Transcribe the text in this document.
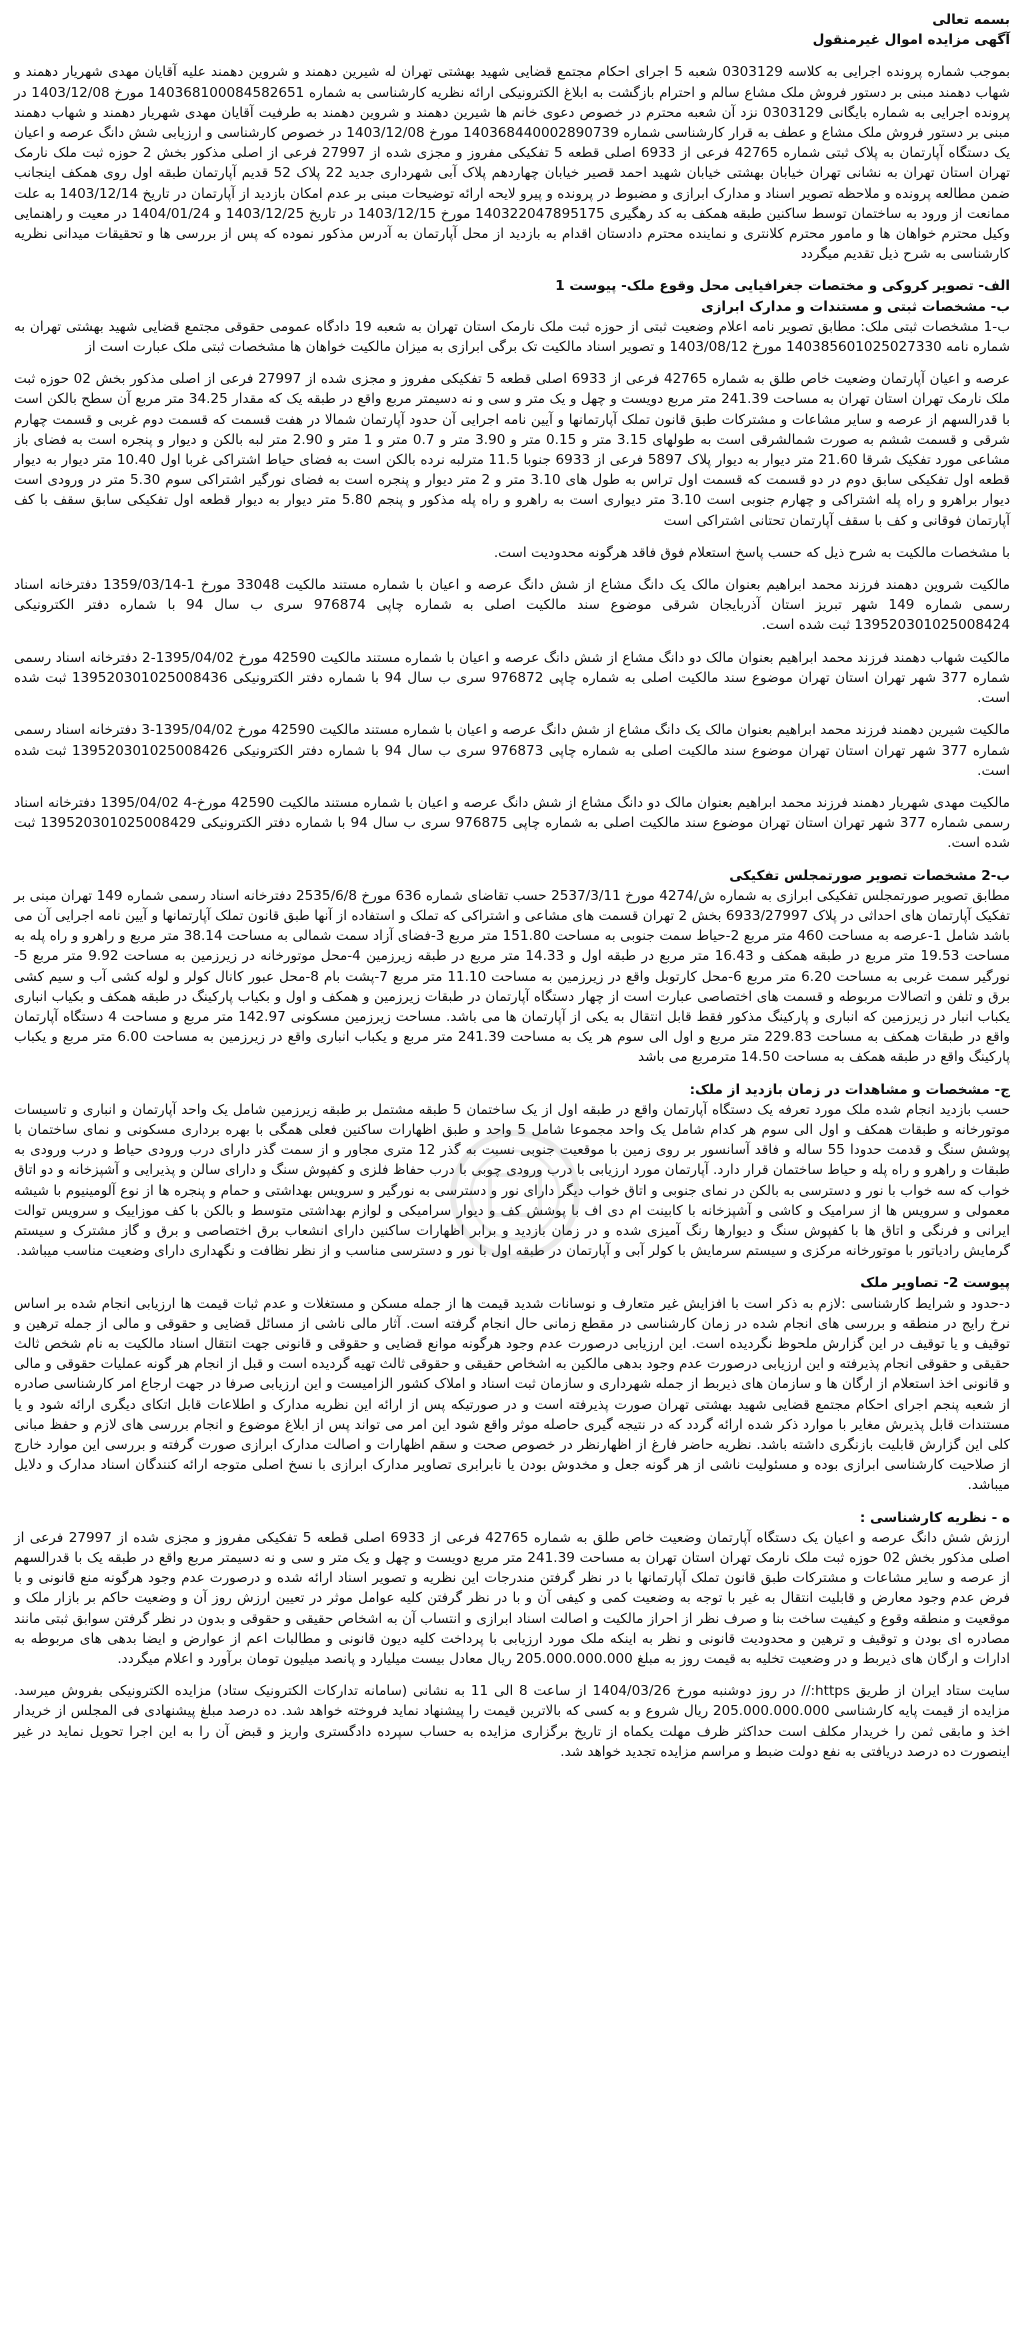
بسمه تعالی

آگهی مزایده اموال غیرمنقول

بموجب شماره پرونده اجرایی به کلاسه 0303129 شعبه 5 اجرای احکام مجتمع قضایی شهید بهشتی تهران له شیرین دهمند و شروین دهمند علیه آقایان مهدی شهریار دهمند و شهاب دهمند مبنی بر دستور فروش ملک مشاع سالم و احترام بازگشت به ابلاغ الکترونیکی ارائه نظریه کارشناسی به شماره 140368100084582651 مورخ 1403/12/08 در پرونده اجرایی به شماره بایگانی 0303129 نزد آن شعبه محترم در خصوص دعوی خانم ها شیرین دهمند و شروین دهمند به طرفیت آقایان مهدی شهریار دهمند و شهاب دهمند مبنی بر دستور فروش ملک مشاع و عطف به قرار کارشناسی شماره 140368440002890739 مورخ 1403/12/08 در خصوص کارشناسی و ارزیابی شش دانگ عرصه و اعیان یک دستگاه آپارتمان به پلاک ثبتی شماره 42765 فرعی از 6933 اصلی قطعه 5 تفکیکی مفروز و مجزی شده از 27997 فرعی از اصلی مذکور بخش 2 حوزه ثبت ملک نارمک تهران استان تهران به نشانی تهران خیابان بهشتی خیابان شهید احمد قصیر خیابان چهاردهم پلاک آبی شهرداری جدید 22 پلاک 52 قدیم آپارتمان طبقه اول روی همکف اینجانب ضمن مطالعه پرونده و ملاحظه تصویر اسناد و مدارک ابرازی و مضبوط در پرونده و پیرو لایحه ارائه توضیحات مبنی بر عدم امکان بازدید از آپارتمان در تاریخ 1403/12/14 به علت ممانعت از ورود به ساختمان توسط ساکنین طبقه همکف به کد رهگیری 140322047895175 مورخ 1403/12/15 در تاریخ 1403/12/25 و 1404/01/24 در معیت و راهنمایی وکیل محترم خواهان ها و مامور محترم کلانتری و نماینده محترم دادستان اقدام به بازدید از محل آپارتمان به آدرس مذکور نموده که پس از بررسی ها و تحقیقات میدانی نظریه کارشناسی به شرح ذیل تقدیم میگردد

الف- تصویر کروکی و مختصات جغرافیایی محل وقوع ملک- پیوست 1

ب- مشخصات ثبتی و مستندات و مدارک ابرازی

ب-1 مشخصات ثبتی ملک: مطابق تصویر نامه اعلام وضعیت ثبتی از حوزه ثبت ملک نارمک استان تهران به شعبه 19 دادگاه عمومی حقوقی مجتمع قضایی شهید بهشتی تهران به شماره نامه 140385601025027330 مورخ 1403/08/12 و تصویر اسناد مالکیت تک برگی ابرازی به میزان مالکیت خواهان ها مشخصات ثبتی ملک عبارت است از

عرصه و اعیان آپارتمان وضعیت خاص طلق به شماره 42765 فرعی از 6933 اصلی قطعه 5 تفکیکی مفروز و مجزی شده از 27997 فرعی از اصلی مذکور بخش 02 حوزه ثبت ملک نارمک تهران استان تهران به مساحت 241.39 متر مربع دویست و چهل و یک متر و سی و نه دسیمتر مربع واقع در طبقه یک که مقدار 34.25 متر مربع آن سطح بالکن است با قدرالسهم از عرصه و سایر مشاعات و مشترکات طبق قانون تملک آپارتمانها و آیین نامه اجرایی آن حدود آپارتمان شمالا در هفت قسمت که قسمت دوم غربی و قسمت چهارم شرقی و قسمت ششم به صورت شمالشرقی است به طولهای 3.15 متر و 0.15 متر و 3.90 متر و 0.7 متر و 1 متر و 2.90 متر لبه بالکن و دیوار و پنجره است به فضای باز مشاعی مورد تفکیک شرقا 21.60 متر دیوار به دیوار پلاک 5897 فرعی از 6933 جنوبا 11.5 مترلبه نرده بالکن است به فضای حیاط اشتراکی غربا اول 10.40 متر دیوار به دیوار قطعه اول تفکیکی سابق دوم در دو قسمت که قسمت اول تراس به طول های 3.10 متر و 2 متر دیوار و پنجره است به فضای نورگیر اشتراکی سوم 5.30 متر در ورودی است دیوار براهرو و راه پله اشتراکی و چهارم جنوبی است 3.10 متر دیواری است به راهرو و راه پله مذکور و پنجم 5.80 متر دیوار به دیوار قطعه اول تفکیکی سابق سقف با کف آپارتمان فوقانی و کف با سقف آپارتمان تحتانی اشتراکی است

با مشخصات مالکیت به شرح ذیل که حسب پاسخ استعلام فوق فاقد هرگونه محدودیت است.

مالکیت شروین دهمند فرزند محمد ابراهیم بعنوان مالک یک دانگ مشاع از شش دانگ عرصه و اعیان با شماره مستند مالکیت 33048 مورخ 1-1359/03/14 دفترخانه اسناد رسمی شماره 149 شهر تبریز استان آذربایجان شرقی موضوع سند مالکیت اصلی به شماره چاپی 976874 سری ب سال 94 با شماره دفتر الکترونیکی 139520301025008424 ثبت شده است.

مالکیت شهاب دهمند فرزند محمد ابراهیم بعنوان مالک دو دانگ مشاع از شش دانگ عرصه و اعیان با شماره مستند مالکیت 42590 مورخ 1395/04/02-2 دفترخانه اسناد رسمی شماره 377 شهر تهران استان تهران موضوع سند مالکیت اصلی به شماره چاپی 976872 سری ب سال 94 با شماره دفتر الکترونیکی 139520301025008436 ثبت شده است.

مالکیت شیرین دهمند فرزند محمد ابراهیم بعنوان مالک یک دانگ مشاع از شش دانگ عرصه و اعیان با شماره مستند مالکیت 42590 مورخ 1395/04/02-3 دفترخانه اسناد رسمی شماره 377 شهر تهران استان تهران موضوع سند مالکیت اصلی به شماره چاپی 976873 سری ب سال 94 با شماره دفتر الکترونیکی 139520301025008426 ثبت شده است.

مالکیت مهدی شهریار دهمند فرزند محمد ابراهیم بعنوان مالک دو دانگ مشاع از شش دانگ عرصه و اعیان با شماره مستند مالکیت 42590 مورخ-4 1395/04/02 دفترخانه اسناد رسمی شماره 377 شهر تهران استان تهران موضوع سند مالکیت اصلی به شماره چاپی 976875 سری ب سال 94 با شماره دفتر الکترونیکی 139520301025008429 ثبت شده است.

ب-2 مشخصات تصویر صورتمجلس تفکیکی

مطابق تصویر صورتمجلس تفکیکی ابرازی به شماره ش/4274 مورخ 2537/3/11 حسب تقاضای شماره 636 مورخ 2535/6/8 دفترخانه اسناد رسمی شماره 149 تهران مبنی بر تفکیک آپارتمان های احداثی در پلاک 6933/27997 بخش 2 تهران قسمت های مشاعی و اشتراکی که تملک و استفاده از آنها طبق قانون تملک آپارتمانها و آیین نامه اجرایی آن می باشد شامل 1-عرصه به مساحت 460 متر مربع 2-حیاط سمت جنوبی به مساحت 151.80 متر مربع 3-فضای آزاد سمت شمالی به مساحت 38.14 متر مربع و راهرو و راه پله به مساحت 19.53 متر مربع در طبقه همکف و 16.43 متر مربع در طبقه اول و 14.33 متر مربع در طبقه زیرزمین 4-محل موتورخانه در زیرزمین به مساحت 9.92 متر مربع 5-نورگیر سمت غربی به مساحت 6.20 متر مربع 6-محل کارتوبل واقع در زیرزمین به مساحت 11.10 متر مربع 7-پشت بام 8-محل عبور کانال کولر و لوله کشی آب و سیم کشی برق و تلفن و اتصالات مربوطه و قسمت های اختصاصی عبارت است از چهار دستگاه آپارتمان در طبقات زیرزمین و همکف و اول و بکیاب پارکینگ در طبقه همکف و بکیاب انباری یکباب انبار در زیرزمین که انباری و پارکینگ مذکور فقط قابل انتقال به یکی از آپارتمان ها می باشد. مساحت زیرزمین مسکونی 142.97 متر مربع و مساحت 4 دستگاه آپارتمان واقع در طبقات همکف به مساحت 229.83 متر مربع و اول الی سوم هر یک به مساحت 241.39 متر مربع و یکباب انباری واقع در زیرزمین به مساحت 6.00 متر مربع و یکباب پارکینگ واقع در طبقه همکف به مساحت 14.50 مترمربع می باشد

ج- مشخصات و مشاهدات در زمان بازدید از ملک:

حسب بازدید انجام شده ملک مورد تعرفه یک دستگاه آپارتمان واقع در طبقه اول از یک ساختمان 5 طبقه مشتمل بر طبقه زیرزمین شامل یک واحد آپارتمان و انباری و تاسیسات موتورخانه و طبقات همکف و اول الی سوم هر کدام شامل یک واحد مجموعا شامل 5 واحد و طبق اظهارات ساکنین فعلی همگی با بهره برداری مسکونی و نمای ساختمان با پوشش سنگ و قدمت حدودا 55 ساله و فاقد آسانسور بر روی زمین با موقعیت جنوبی نسبت به گذر 12 متری مجاور و از سمت گذر دارای درب ورودی حیاط و درب ورودی به طبقات و راهرو و راه پله و حیاط ساختمان قرار دارد. آپارتمان مورد ارزیابی با درب ورودی چوبی با درب حفاظ فلزی و کفپوش سنگ و دارای سالن و پذیرایی و آشپزخانه و دو اتاق خواب که سه خواب با نور و دسترسی به بالکن در نمای جنوبی و اتاق خواب دیگر دارای نور و دسترسی به نورگیر و سرویس بهداشتی و حمام و پنجره ها از نوع آلومینیوم با شیشه معمولی و سرویس ها از سرامیک و کاشی و آشپزخانه با کابینت ام دی اف با پوشش کف و دیوار سرامیکی و لوازم بهداشتی متوسط و بالکن با کف موزاییک و سرویس توالت ایرانی و فرنگی و اتاق ها با کفپوش سنگ و دیوارها رنگ آمیزی شده و در زمان بازدید و برابر اظهارات ساکنین دارای انشعاب برق اختصاصی و برق و گاز مشترک و سیستم گرمایش رادیاتور با موتورخانه مرکزی و سیستم سرمایش با کولر آبی و آپارتمان در طبقه اول با نور و دسترسی مناسب و از نظر نظافت و نگهداری دارای وضعیت مناسب میباشد.

پیوست 2- تصاویر ملک

د-حدود و شرایط کارشناسی :لازم به ذکر است با افزایش غیر متعارف و نوسانات شدید قیمت ها از جمله مسکن و مستغلات و عدم ثبات قیمت ها ارزیابی انجام شده بر اساس نرخ رایج در منطقه و بررسی های انجام شده در زمان کارشناسی در مقطع زمانی حال انجام گرفته است. آثار مالی ناشی از مسائل قضایی و حقوقی و مالی از جمله ترهین و توقیف و یا توقیف در این گزارش ملحوظ نگردیده است. این ارزیابی درصورت عدم وجود هرگونه موانع قضایی و حقوقی و قانونی جهت انتقال اسناد مالکیت به نام شخص ثالث حقیقی و حقوقی انجام پذیرفته و این ارزیابی درصورت عدم وجود بدهی مالکین به اشخاص حقیقی و حقوقی ثالث تهیه گردیده است و قبل از انجام هر گونه عملیات حقوقی و مالی و قانونی اخذ استعلام از ارگان ها و سازمان های ذیربط از جمله شهرداری و سازمان ثبت اسناد و املاک کشور الزامیست و این ارزیابی صرفا در جهت ارجاع امر کارشناسی صادره از شعبه پنجم اجرای احکام مجتمع قضایی شهید بهشتی تهران صورت پذیرفته است و در صورتیکه پس از ارائه این نظریه مدارک و اطلاعات قابل اتکای دیگری ارائه شود و یا مستندات قابل پذیرش مغایر با موارد ذکر شده ارائه گردد که در نتیجه گیری حاصله موثر واقع شود این امر می تواند پس از ابلاغ موضوع و انجام بررسی های لازم و حفظ مبانی کلی این گزارش قابلیت بازنگری داشته باشد. نظریه حاضر فارغ از اظهارنظر در خصوص صحت و سقم اظهارات و اصالت مدارک ابرازی صورت گرفته و بررسی این موارد خارج از صلاحیت کارشناسی ابرازی بوده و مسئولیت ناشی از هر گونه جعل و مخدوش بودن یا نابرابری تصاویر مدارک ابرازی با نسخ اصلی متوجه ارائه کنندگان اسناد مدارک و دلایل میباشد.

ه - نظریه کارشناسی :

ارزش شش دانگ عرصه و اعیان یک دستگاه آپارتمان وضعیت خاص طلق به شماره 42765 فرعی از 6933 اصلی قطعه 5 تفکیکی مفروز و مجزی شده از 27997 فرعی از اصلی مذکور بخش 02 حوزه ثبت ملک نارمک تهران استان تهران به مساحت 241.39 متر مربع دویست و چهل و یک متر و سی و نه دسیمتر مربع واقع در طبقه یک با قدرالسهم از عرصه و سایر مشاعات و مشترکات طبق قانون تملک آپارتمانها با در نظر گرفتن مندرجات این نظریه و تصویر اسناد ارائه شده و درصورت عدم وجود هرگونه منع قانونی و با فرض عدم وجود معارض و قابلیت انتقال به غیر با توجه به وضعیت کمی و کیفی آن و با در نظر گرفتن کلیه عوامل موثر در تعیین ارزش روز آن و وضعیت حاکم بر بازار ملک و موقعیت و منطقه وقوع و کیفیت ساخت بنا و صرف نظر از احراز مالکیت و اصالت اسناد ابرازی و انتساب آن به اشخاص حقیقی و حقوقی و بدون در نظر گرفتن سوابق ثبتی مانند مصادره ای بودن و توقیف و ترهین و محدودیت قانونی و نظر به اینکه ملک مورد ارزیابی با پرداخت کلیه دیون قانونی و مطالبات اعم از عوارض و ایضا بدهی های مربوطه به ادارات و ارگان های ذیربط و در وضعیت تخلیه به قیمت روز به مبلغ 205.000.000.000 ریال معادل بیست میلیارد و پانصد میلیون تومان برآورد و اعلام میگردد.

سایت ستاد ایران از طریق https:// در روز دوشنبه مورخ 1404/03/26 از ساعت 8 الی 11 به نشانی (سامانه تدارکات الکترونیک ستاد) مزایده الکترونیکی بفروش میرسد. مزایده از قیمت پایه کارشناسی 205.000.000.000 ریال شروع و به کسی که بالاترین قیمت را پیشنهاد نماید فروخته خواهد شد. ده درصد مبلغ پیشنهادی فی المجلس از خریدار اخذ و مابقی ثمن را خریدار مکلف است حداکثر ظرف مهلت یکماه از تاریخ برگزاری مزایده به حساب سپرده دادگستری واریز و قبض آن را به این اجرا تحویل نماید در غیر اینصورت ده درصد دریافتی به نفع دولت ضبط و مراسم مزایده تجدید خواهد شد.
